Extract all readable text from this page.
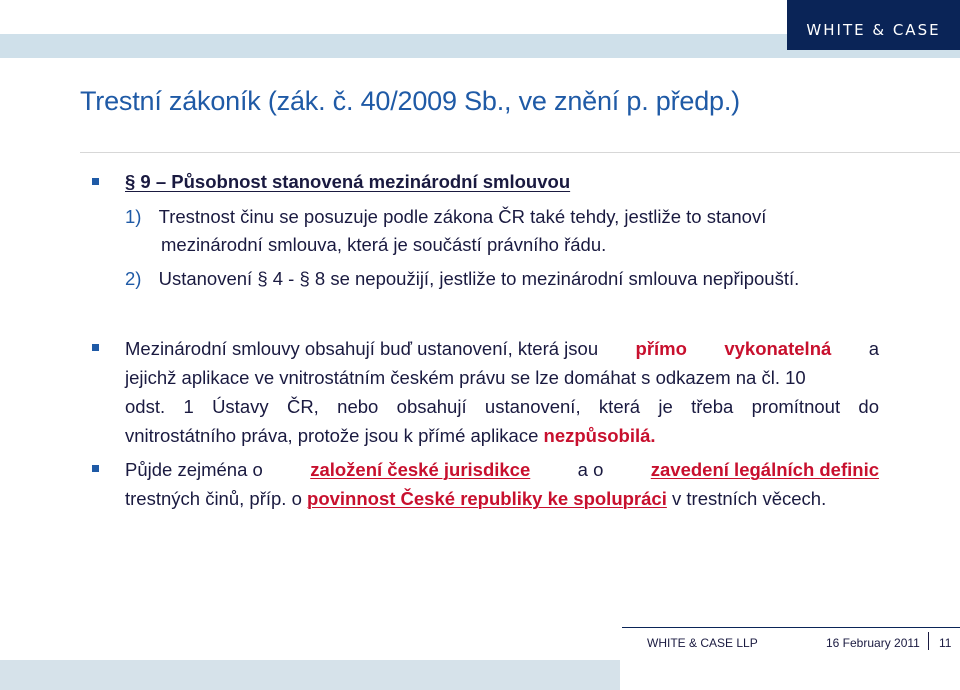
WHITE & CASE
Trestní zákoník (zák. č. 40/2009 Sb., ve znění p. předp.)
§ 9 – Působnost stanovená mezinárodní smlouvou
1) Trestnost činu se posuzuje podle zákona ČR také tehdy, jestliže to stanoví
mezinárodní smlouva, která je součástí právního řádu.
2) Ustanovení § 4 - § 8 se nepoužijí, jestliže to mezinárodní smlouva nepřipouští.
Mezinárodní smlouvy obsahují buď ustanovení, která jsou přímo vykonatelná a
jejichž aplikace ve vnitrostátním českém právu se lze domáhat s odkazem na čl. 10
odst. 1 Ústavy ČR, nebo obsahují ustanovení, která je třeba promítnout do
vnitrostátního práva, protože jsou k přímé aplikace nezpůsobilá.
Půjde zejména o	založení české jurisdikce	a o	zavedení legálních definic
trestných činů, příp. o povinnost České republiky ke spolupráci v trestních věcech.
WHITE & CASE LLP	16 February 2011 11
